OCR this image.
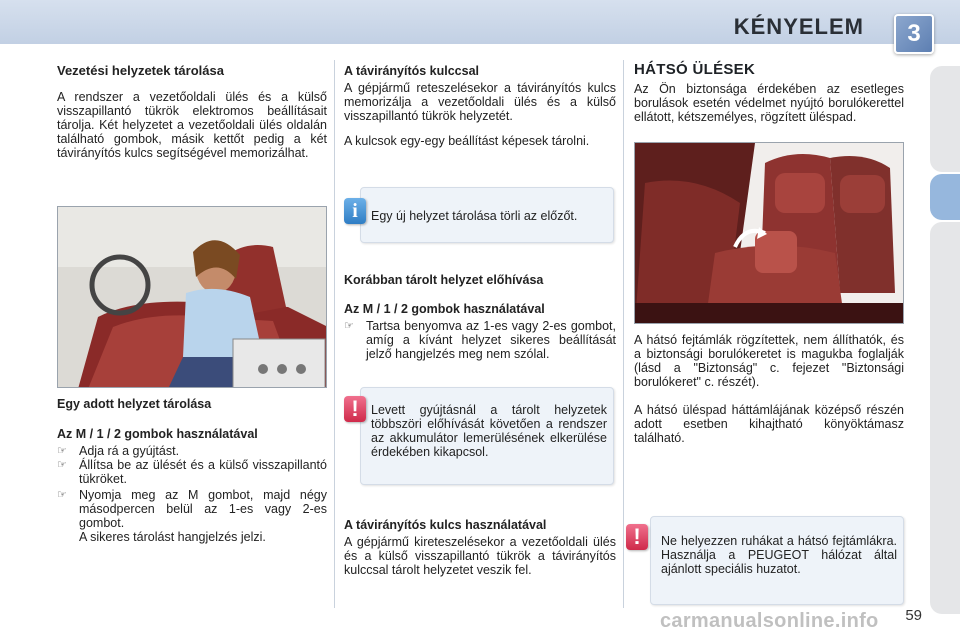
KÉNYELEM	3
Vezetési helyzetek tárolása
A rendszer a vezetőoldali ülés és a külső visszapillantó tükrök elektromos beállításait tárolja. Két helyzetet a vezetőoldali ülés oldalán található gombok, másik kettőt pedig a két távirányítós kulcs segítségével memorizálhat.
Egy adott helyzet tárolása
Az M / 1 / 2 gombok használatával
☞ Adja rá a gyújtást.
☞ Állítsa be az ülését és a külső visszapillantó tükröket.
☞ Nyomja meg az M gombot, majd négy másodpercen belül az 1-es vagy 2-es gombot.
A sikeres tárolást hangjelzés jelzi.
A távirányítós kulccsal
A gépjármű reteszelésekor a távirányítós kulcs memorizálja a vezetőoldali ülés és a külső visszapillantó tükrök helyzetét.
A kulcsok egy-egy beállítást képesek tárolni.
Egy új helyzet tárolása törli az előzőt.
i
Korábban tárolt helyzet előhívása
Az M / 1 / 2 gombok használatával
☞ Tartsa benyomva az 1-es vagy 2-es gombot, amíg a kívánt helyzet sikeres beállítását jelző hangjelzés meg nem szólal.
Levett gyújtásnál a tárolt helyzetek többszöri előhívását követően a rendszer az akkumulátor lemerülésének elkerülése érdekében kikapcsol.
!
A távirányítós kulcs használatával
A gépjármű kireteszelésekor a vezetőoldali ülés és a külső visszapillantó tükrök a távirányítós kulccsal tárolt helyzetet veszik fel.
HÁTSÓ ÜLÉSEK
Az Ön biztonsága érdekében az esetleges borulások esetén védelmet nyújtó borulókerettel ellátott, kétszemélyes, rögzített üléspad.
A hátsó fejtámlák rögzítettek, nem állíthatók, és a biztonsági borulókeretet is magukba foglalják (lásd a "Biztonság" c. fejezet "Biztonsági borulókeret" c. részét).
A hátsó üléspad háttámlájának középső részén adott esetben kihajtható könyöktámasz található.
Ne helyezzen ruhákat a hátsó fejtámlákra. Használja a PEUGEOT hálózat által ajánlott speciális huzatot.
!
carmanualsonline.info 59
